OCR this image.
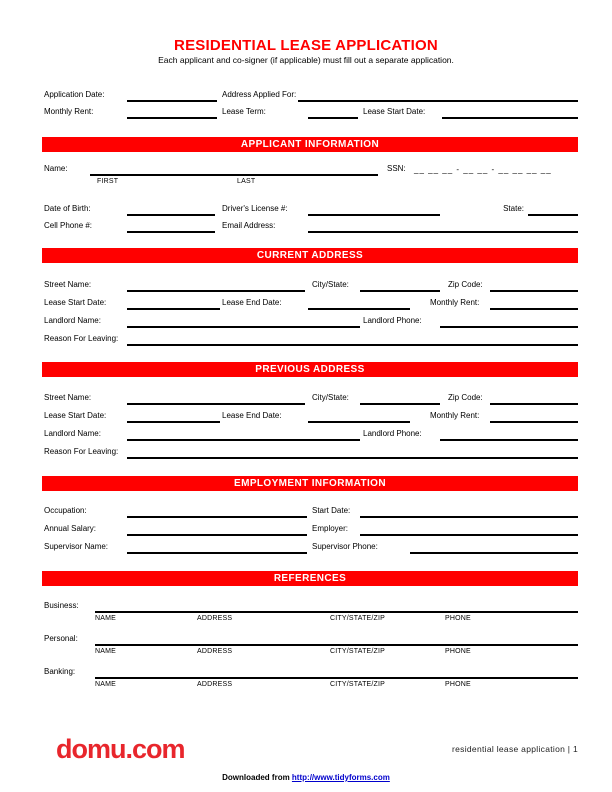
RESIDENTIAL LEASE APPLICATION
Each applicant and co-signer (if applicable) must fill out a separate application.
Application Date:	Address Applied For:
Monthly Rent:	Lease Term:	Lease Start Date:
APPLICANT INFORMATION
Name:	SSN:	__ __ __ - __ __ - __ __ __ __
FIRST	LAST
Date of Birth:	Driver's License #:	State:
Cell Phone #:	Email Address:
CURRENT ADDRESS
Street Name:	City/State:	Zip Code:
Lease Start Date:	Lease End Date:	Monthly Rent:
Landlord Name:	Landlord Phone:
Reason For Leaving:
PREVIOUS ADDRESS
Street Name:	City/State:	Zip Code:
Lease Start Date:	Lease End Date:	Monthly Rent:
Landlord Name:	Landlord Phone:
Reason For Leaving:
EMPLOYMENT INFORMATION
Occupation:	Start Date:
Annual Salary:	Employer:
Supervisor Name:	Supervisor Phone:
REFERENCES
Business:
NAME	ADDRESS	CITY/STATE/ZIP	PHONE
Personal:
NAME	ADDRESS	CITY/STATE/ZIP	PHONE
Banking:
NAME	ADDRESS	CITY/STATE/ZIP	PHONE
domu.com	residential lease application | 1
Downloaded from http://www.tidyforms.com
